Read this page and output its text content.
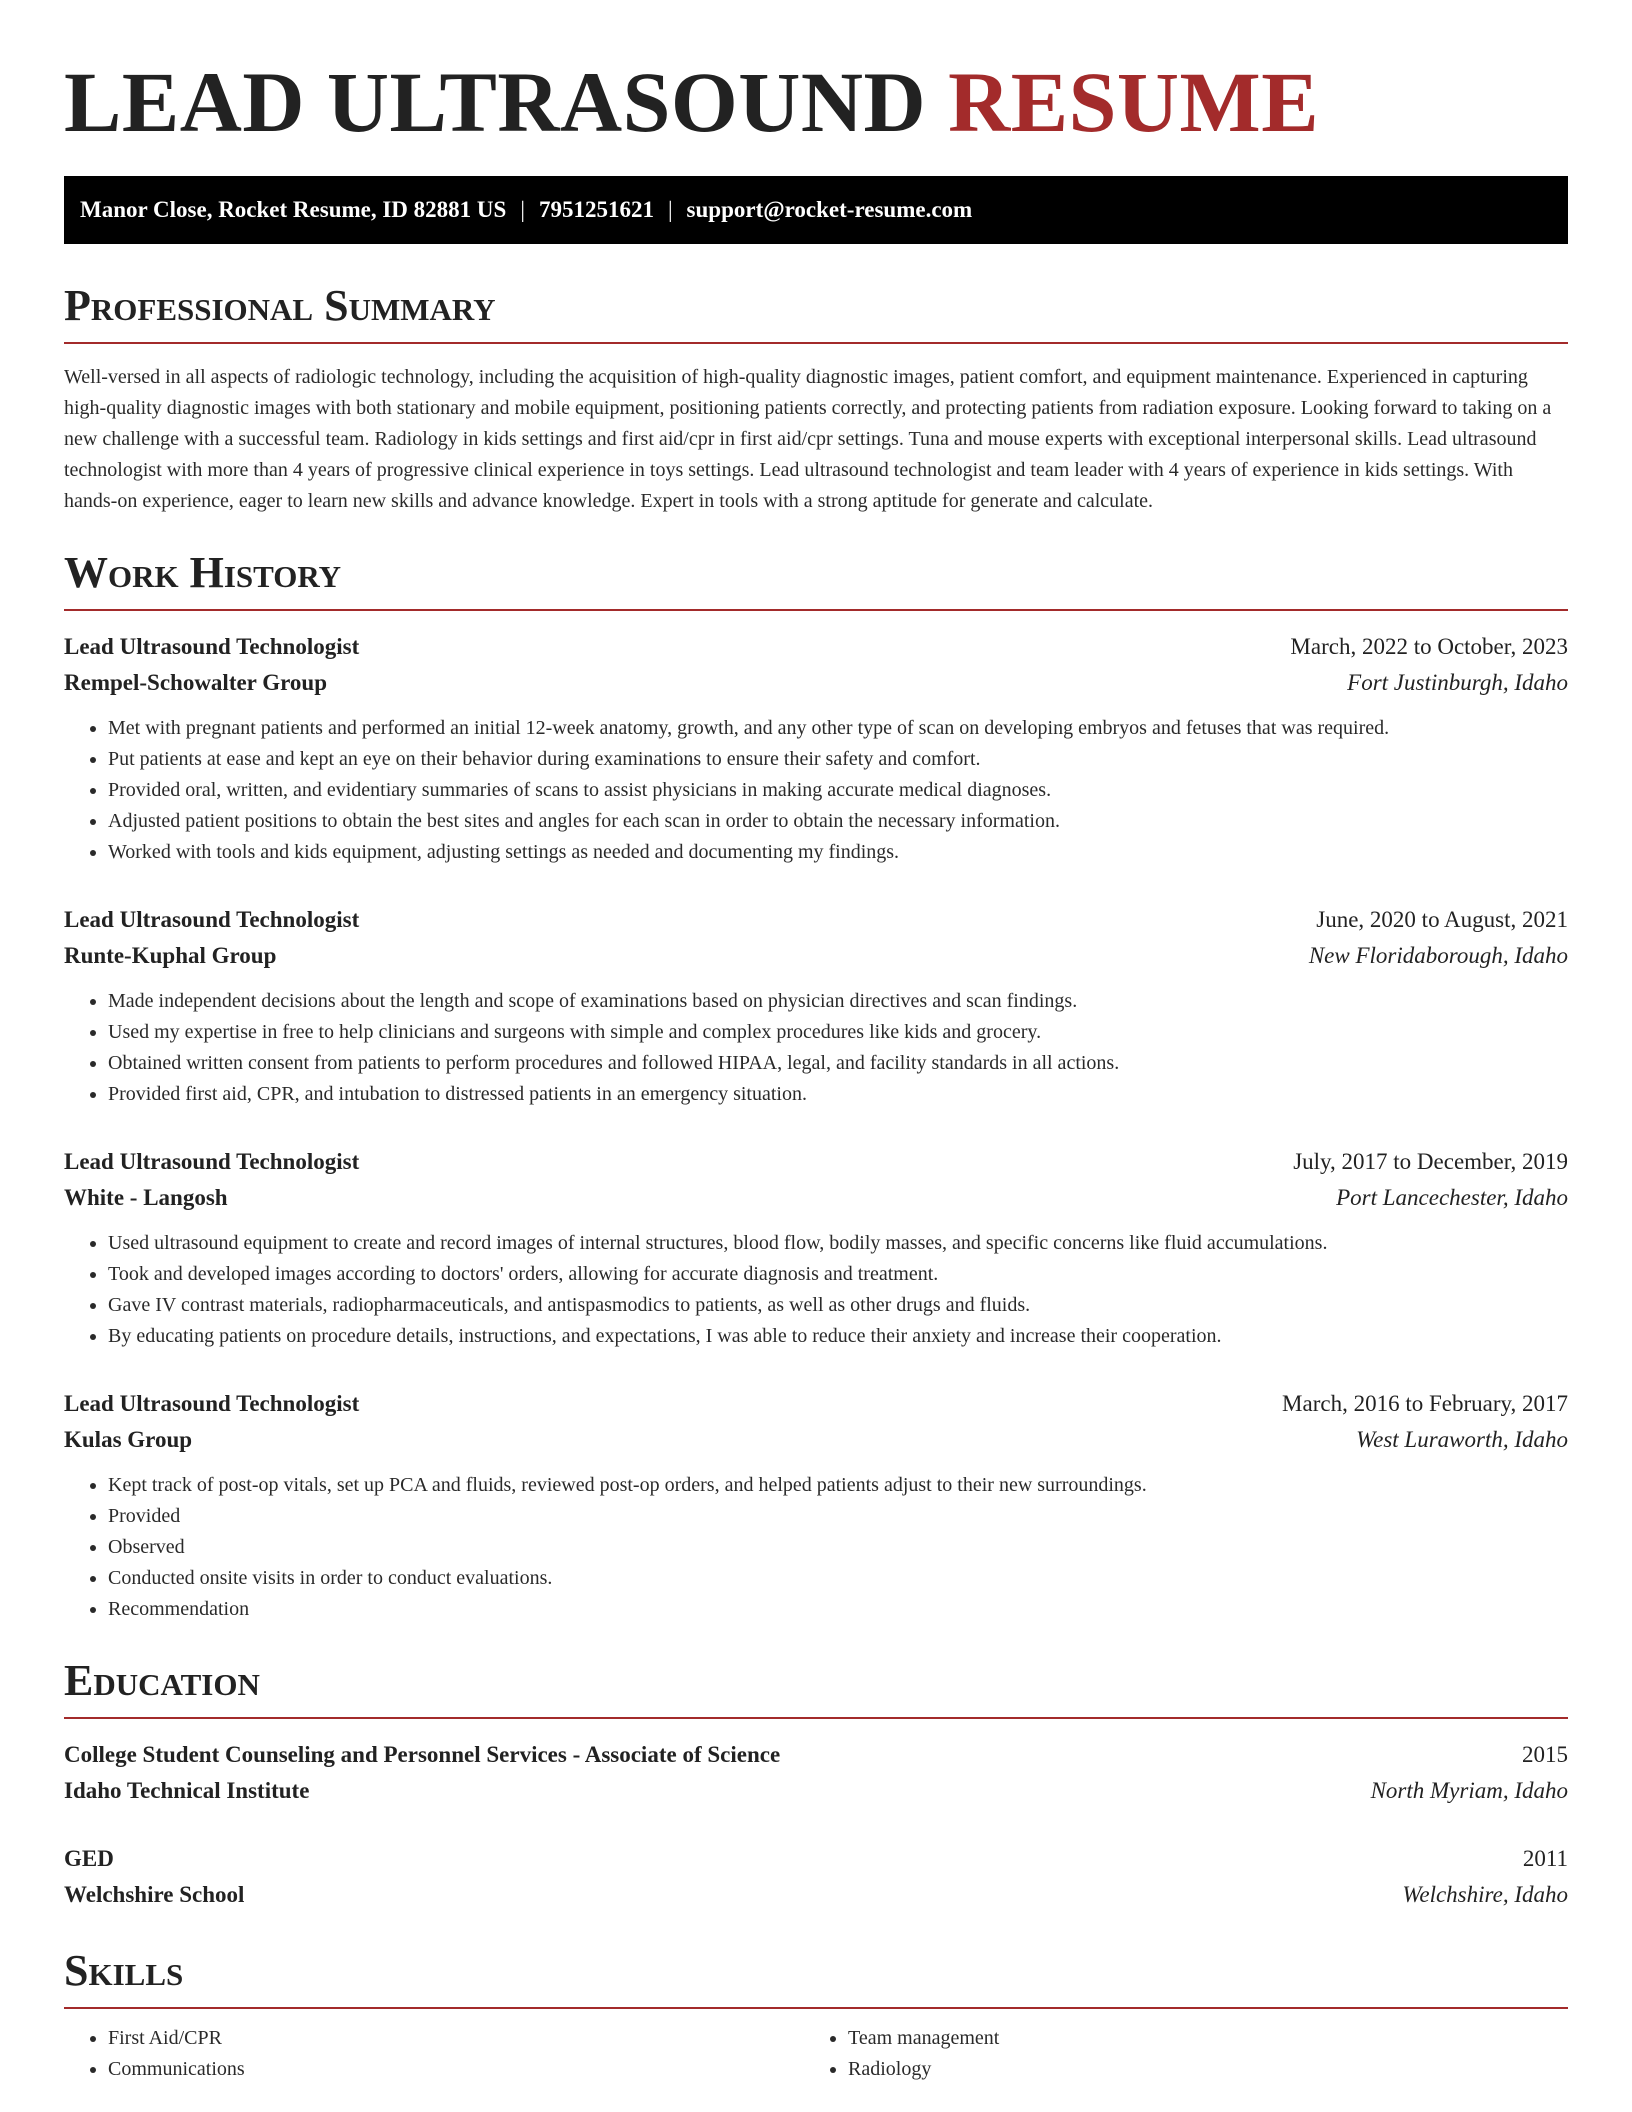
LEAD ULTRASOUND RESUME
Manor Close, Rocket Resume, ID 82881 US | 7951251621 | support@rocket-resume.com
Professional Summary

Well-versed in all aspects of radiologic technology, including the acquisition of high-quality diagnostic images, patient comfort, and equipment maintenance. Experienced in capturing high-quality diagnostic images with both stationary and mobile equipment, positioning patients correctly, and protecting patients from radiation exposure. Looking forward to taking on a new challenge with a successful team. Radiology in kids settings and first aid/cpr in first aid/cpr settings. Tuna and mouse experts with exceptional interpersonal skills. Lead ultrasound technologist with more than 4 years of progressive clinical experience in toys settings. Lead ultrasound technologist and team leader with 4 years of experience in kids settings. With hands-on experience, eager to learn new skills and advance knowledge. Expert in tools with a strong aptitude for generate and calculate.

Work History
Lead Ultrasound Technologist	March, 2022 to October, 2023
Rempel-Schowalter Group	Fort Justinburgh, Idaho
• Met with pregnant patients and performed an initial 12-week anatomy, growth, and any other type of scan on developing embryos and fetuses that was required.
• Put patients at ease and kept an eye on their behavior during examinations to ensure their safety and comfort.
• Provided oral, written, and evidentiary summaries of scans to assist physicians in making accurate medical diagnoses.
• Adjusted patient positions to obtain the best sites and angles for each scan in order to obtain the necessary information.
• Worked with tools and kids equipment, adjusting settings as needed and documenting my findings.
Lead Ultrasound Technologist	June, 2020 to August, 2021
Runte-Kuphal Group	New Floridaborough, Idaho
• Made independent decisions about the length and scope of examinations based on physician directives and scan findings.
• Used my expertise in free to help clinicians and surgeons with simple and complex procedures like kids and grocery.
• Obtained written consent from patients to perform procedures and followed HIPAA, legal, and facility standards in all actions.
• Provided first aid, CPR, and intubation to distressed patients in an emergency situation.
Lead Ultrasound Technologist	July, 2017 to December, 2019
White - Langosh	Port Lancechester, Idaho
• Used ultrasound equipment to create and record images of internal structures, blood flow, bodily masses, and specific concerns like fluid accumulations.
• Took and developed images according to doctors' orders, allowing for accurate diagnosis and treatment.
• Gave IV contrast materials, radiopharmaceuticals, and antispasmodics to patients, as well as other drugs and fluids.
• By educating patients on procedure details, instructions, and expectations, I was able to reduce their anxiety and increase their cooperation.
Lead Ultrasound Technologist	March, 2016 to February, 2017
Kulas Group	West Luraworth, Idaho
• Kept track of post-op vitals, set up PCA and fluids, reviewed post-op orders, and helped patients adjust to their new surroundings.
• Provided
• Observed
• Conducted onsite visits in order to conduct evaluations.
• Recommendation
Education
College Student Counseling and Personnel Services - Associate of Science	2015
Idaho Technical Institute	North Myriam, Idaho
GED	2011
Welchshire School	Welchshire, Idaho
Skills
• First Aid/CPR
• Communications
• Team management
• Radiology
